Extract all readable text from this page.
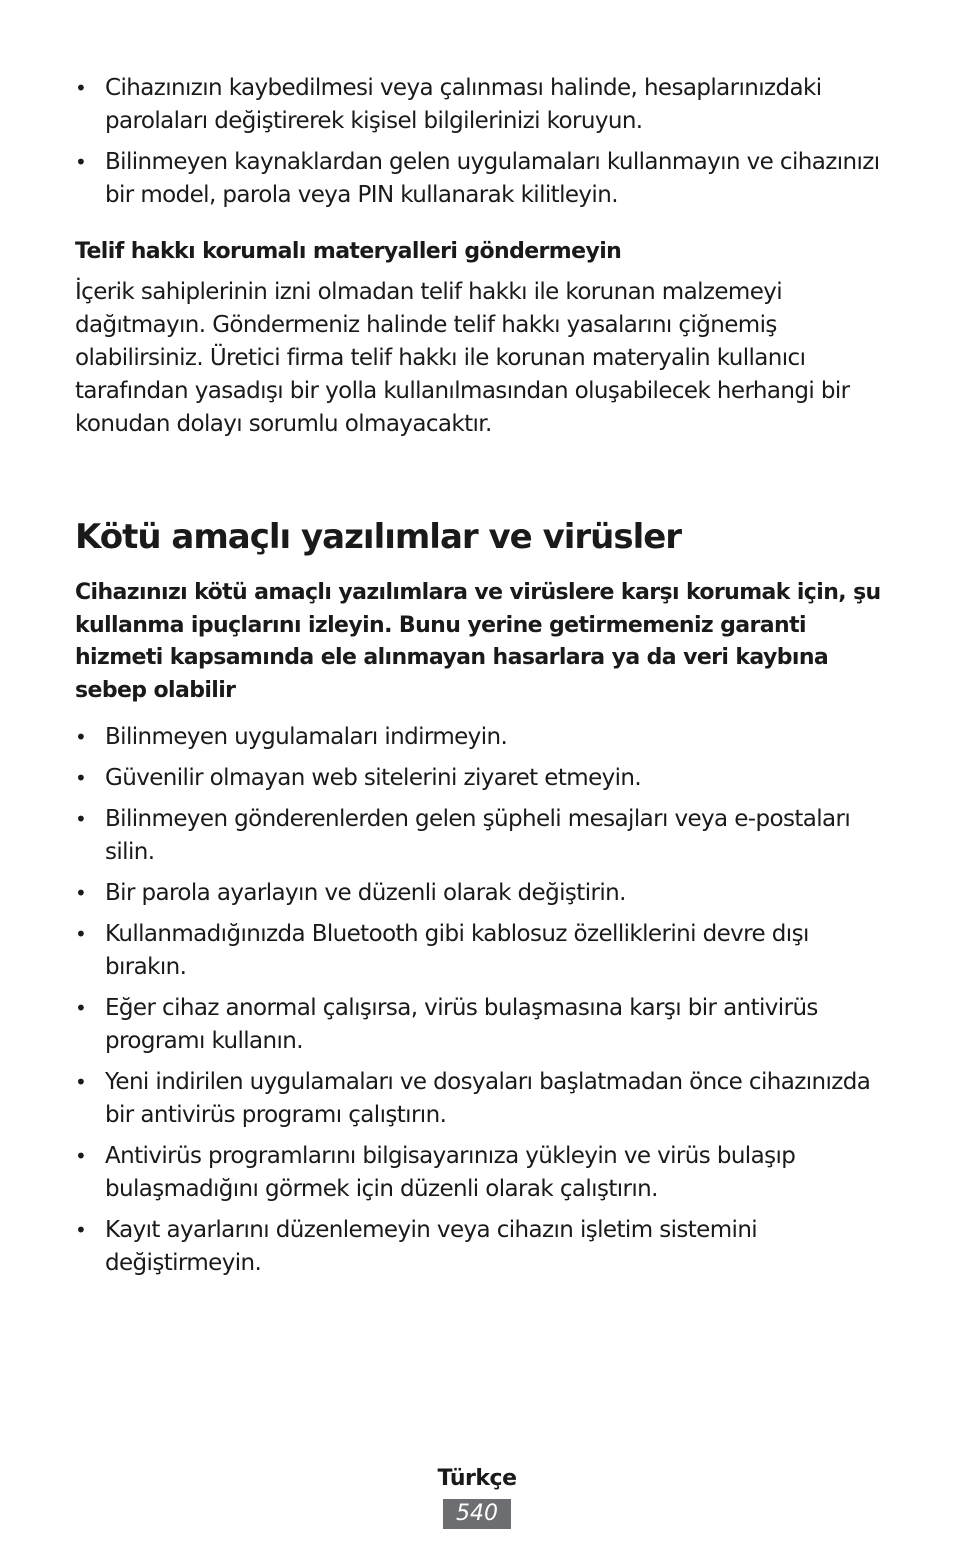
• Cihazınızın kaybedilmesi veya çalınması halinde, hesaplarınızdaki parolaları değiştirerek kişisel bilgilerinizi koruyun.
• Bilinmeyen kaynaklardan gelen uygulamaları kullanmayın ve cihazınızı bir model, parola veya PIN kullanarak kilitleyin.
Telif hakkı korumalı materyalleri göndermeyin

İçerik sahiplerinin izni olmadan telif hakkı ile korunan malzemeyi dağıtmayın. Göndermeniz halinde telif hakkı yasalarını çiğnemiş olabilirsiniz. Üretici firma telif hakkı ile korunan materyalin kullanıcı tarafından yasadışı bir yolla kullanılmasından oluşabilecek herhangi bir konudan dolayı sorumlu olmayacaktır.

Kötü amaçlı yazılımlar ve virüsler

Cihazınızı kötü amaçlı yazılımlara ve virüslere karşı korumak için, şu kullanma ipuçlarını izleyin. Bunu yerine getirmemeniz garanti hizmeti kapsamında ele alınmayan hasarlara ya da veri kaybına sebep olabilir

• Bilinmeyen uygulamaları indirmeyin.
• Güvenilir olmayan web sitelerini ziyaret etmeyin.
• Bilinmeyen gönderenlerden gelen şüpheli mesajları veya e-postaları silin.
• Bir parola ayarlayın ve düzenli olarak değiştirin.
• Kullanmadığınızda Bluetooth gibi kablosuz özelliklerini devre dışı bırakın.
• Eğer cihaz anormal çalışırsa, virüs bulaşmasına karşı bir antivirüs programı kullanın.
• Yeni indirilen uygulamaları ve dosyaları başlatmadan önce cihazınızda bir antivirüs programı çalıştırın.
• Antivirüs programlarını bilgisayarınıza yükleyin ve virüs bulaşıp bulaşmadığını görmek için düzenli olarak çalıştırın.
• Kayıt ayarlarını düzenlemeyin veya cihazın işletim sistemini değiştirmeyin.
Türkçe
540
